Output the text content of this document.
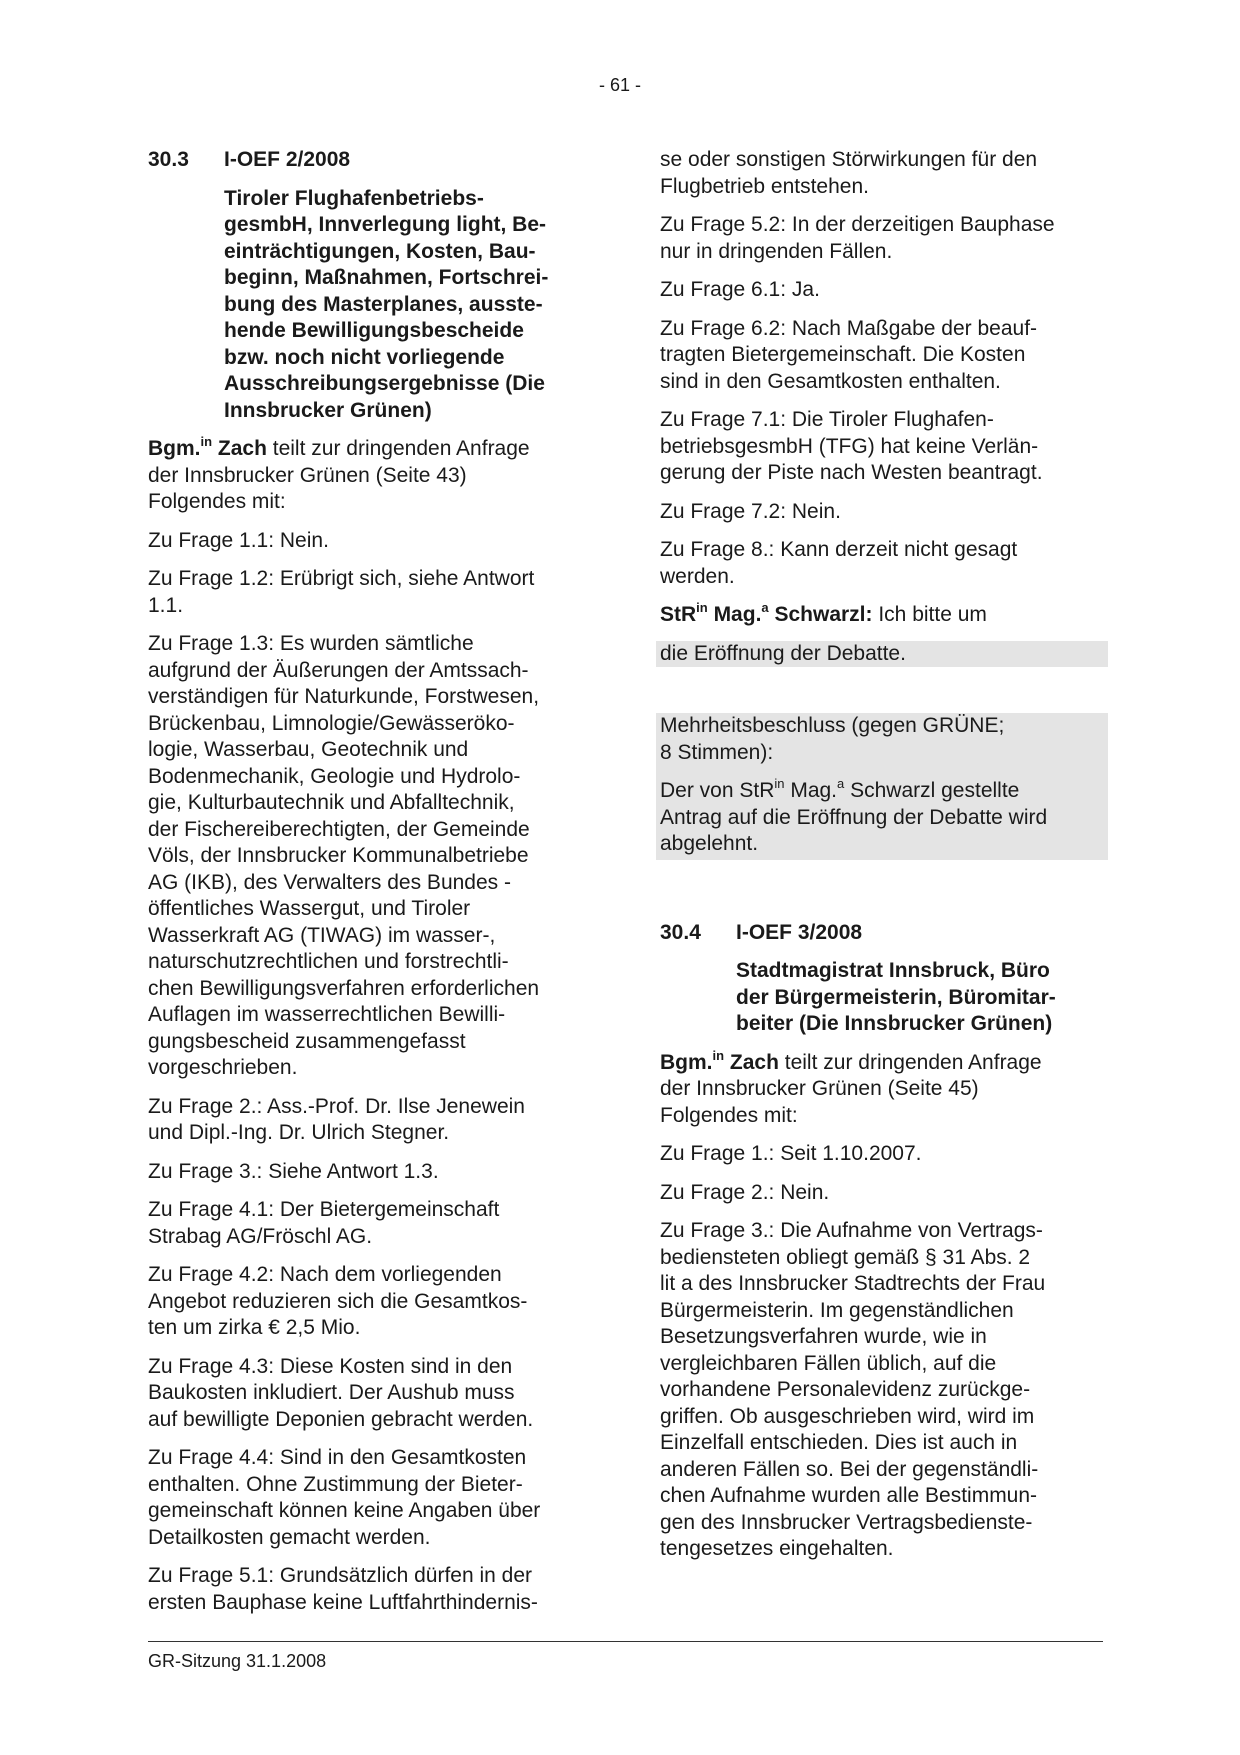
- 61 -
30.3	I-OEF 2/2008
Tiroler Flughafenbetriebs-
gesmbH, Innverlegung light, Be-
einträchtigungen, Kosten, Bau-
beginn, Maßnahmen, Fortschrei-
bung des Masterplanes, ausste-
hende Bewilligungsbescheide
bzw. noch nicht vorliegende
Ausschreibungsergebnisse (Die
Innsbrucker Grünen)

Bgm.$^{in}$ Zach teilt zur dringenden Anfrage
der Innsbrucker Grünen (Seite 43)
Folgendes mit:

Zu Frage 1.1: Nein.

Zu Frage 1.2: Erübrigt sich, siehe Antwort
1.1.

Zu Frage 1.3: Es wurden sämtliche
aufgrund der Äußerungen der Amtssach-
verständigen für Naturkunde, Forstwesen,
Brückenbau, Limnologie/Gewässerökо-
logie, Wasserbau, Geotechnik und
Bodenmechanik, Geologie und Hydrolo-
gie, Kulturbautechnik und Abfalltechnik,
der Fischereiberechtigten, der Gemeinde
Völs, der Innsbrucker Kommunalbetriebe
AG (IKB), des Verwalters des Bundes -
öffentliches Wassergut, und Tiroler
Wasserkraft AG (TIWAG) im wasser-,
naturschutzrechtlichen und forstrechtli-
chen Bewilligungsverfahren erforderlichen
Auflagen im wasserrechtlichen Bewilli-
gungsbescheid zusammengefasst
vorgeschrieben.

Zu Frage 2.: Ass.-Prof. Dr. Ilse Jenewein
und Dipl.-Ing. Dr. Ulrich Stegner.

Zu Frage 3.: Siehe Antwort 1.3.

Zu Frage 4.1: Der Bietergemeinschaft
Strabag AG/Fröschl AG.

Zu Frage 4.2: Nach dem vorliegenden
Angebot reduzieren sich die Gesamtkos-
ten um zirka € 2,5 Mio.

Zu Frage 4.3: Diese Kosten sind in den
Baukosten inkludiert. Der Aushub muss
auf bewilligte Deponien gebracht werden.

Zu Frage 4.4: Sind in den Gesamtkosten
enthalten. Ohne Zustimmung der Bieter-
gemeinschaft können keine Angaben über
Detailkosten gemacht werden.

Zu Frage 5.1: Grundsätzlich dürfen in der
ersten Bauphase keine Luftfahrthindernis-

se oder sonstigen Störwirkungen für den
Flugbetrieb entstehen.

Zu Frage 5.2: In der derzeitigen Bauphase
nur in dringenden Fällen.

Zu Frage 6.1: Ja.

Zu Frage 6.2: Nach Maßgabe der beauf-
tragten Bietergemeinschaft. Die Kosten
sind in den Gesamtkosten enthalten.

Zu Frage 7.1: Die Tiroler Flughafen-
betriebsgesmbH (TFG) hat keine Verlän-
gerung der Piste nach Westen beantragt.

Zu Frage 7.2: Nein.

Zu Frage 8.: Kann derzeit nicht gesagt
werden.

StR$^{in}$ Mag.$^a$ Schwarzl: Ich bitte um

die Eröffnung der Debatte.

Mehrheitsbeschluss (gegen GRÜNE;
8 Stimmen):

Der von StR$^{in}$ Mag.$^a$ Schwarzl gestellte
Antrag auf die Eröffnung der Debatte wird
abgelehnt.

30.4	I-OEF 3/2008
Stadtmagistrat Innsbruck, Büro
der Bürgermeisterin, Büromitar-
beiter (Die Innsbrucker Grünen)

Bgm.$^{in}$ Zach teilt zur dringenden Anfrage
der Innsbrucker Grünen (Seite 45)
Folgendes mit:

Zu Frage 1.: Seit 1.10.2007.

Zu Frage 2.: Nein.

Zu Frage 3.: Die Aufnahme von Vertrags-
bediensteten obliegt gemäß § 31 Abs. 2
lit a des Innsbrucker Stadtrechts der Frau
Bürgermeisterin. Im gegenständlichen
Besetzungsverfahren wurde, wie in
vergleichbaren Fällen üblich, auf die
vorhandene Personalevidenz zurückge-
griffen. Ob ausgeschrieben wird, wird im
Einzelfall entschieden. Dies ist auch in
anderen Fällen so. Bei der gegenständli-
chen Aufnahme wurden alle Bestimmun-
gen des Innsbrucker Vertragsbedienste-
tengesetzes eingehalten.

GR-Sitzung 31.1.2008
